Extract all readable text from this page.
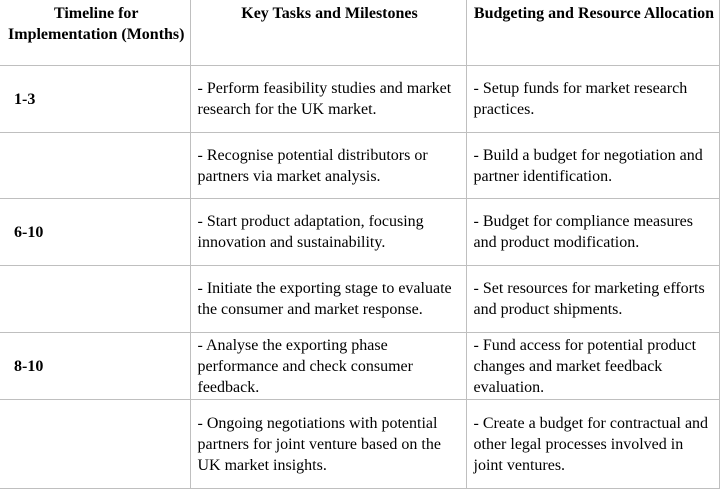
Timeline for Implementation (Months)	Key Tasks and Milestones	Budgeting and Resource Allocation
1-3	- Perform feasibility studies and market research for the UK market.	- Setup funds for market research practices.
	- Recognise potential distributors or partners via market analysis.	- Build a budget for negotiation and partner identification.
6-10	- Start product adaptation, focusing innovation and sustainability.	- Budget for compliance measures and product modification.
	- Initiate the exporting stage to evaluate the consumer and market response.	- Set resources for marketing efforts and product shipments.
8-10	- Analyse the exporting phase performance and check consumer feedback.	- Fund access for potential product changes and market feedback evaluation.
	- Ongoing negotiations with potential partners for joint venture based on the UK market insights.	- Create a budget for contractual and other legal processes involved in joint ventures.
